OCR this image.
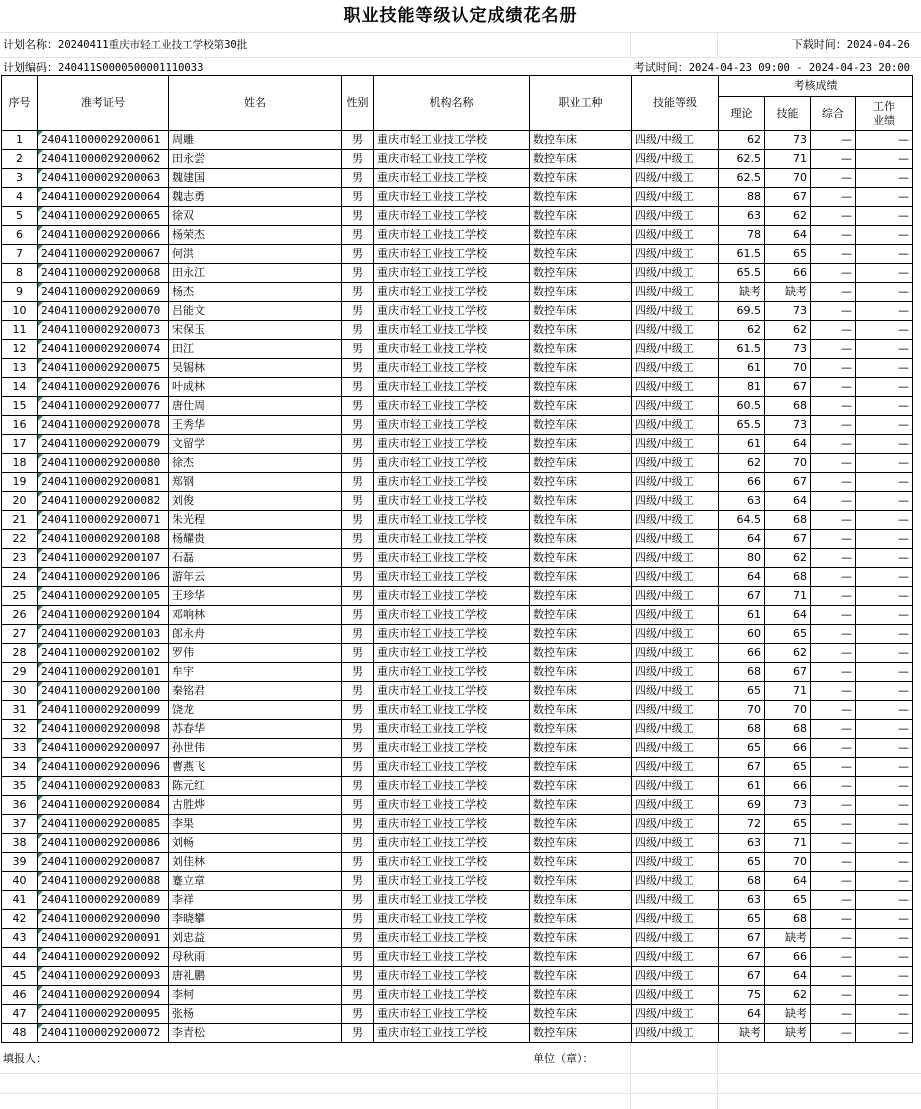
职业技能等级认定成绩花名册
计划名称：20240411重庆市轻工业技工学校第30批	下载时间：2024-04-26
计划编码：240411S0000500001110033	考试时间：2024-04-23 09:00 - 2024-04-23 20:00
序号	准考证号	姓名	性别	机构名称	职业工种	技能等级	考核成绩			
							理论	技能	综合	工作
业绩
1	240411000029200061	周雕	男	重庆市轻工业技工学校	数控车床	四级/中级工	62	73	—	—
2	240411000029200062	田永尝	男	重庆市轻工业技工学校	数控车床	四级/中级工	62.5	71	—	—
3	240411000029200063	魏建国	男	重庆市轻工业技工学校	数控车床	四级/中级工	62.5	70	—	—
4	240411000029200064	魏志勇	男	重庆市轻工业技工学校	数控车床	四级/中级工	88	67	—	—
5	240411000029200065	徐双	男	重庆市轻工业技工学校	数控车床	四级/中级工	63	62	—	—
6	240411000029200066	杨荣杰	男	重庆市轻工业技工学校	数控车床	四级/中级工	78	64	—	—
7	240411000029200067	何洪	男	重庆市轻工业技工学校	数控车床	四级/中级工	61.5	65	—	—
8	240411000029200068	田永江	男	重庆市轻工业技工学校	数控车床	四级/中级工	65.5	66	—	—
9	240411000029200069	杨杰	男	重庆市轻工业技工学校	数控车床	四级/中级工	缺考	缺考	—	—
10	240411000029200070	吕能文	男	重庆市轻工业技工学校	数控车床	四级/中级工	69.5	73	—	—
11	240411000029200073	宋保玉	男	重庆市轻工业技工学校	数控车床	四级/中级工	62	62	—	—
12	240411000029200074	田江	男	重庆市轻工业技工学校	数控车床	四级/中级工	61.5	73	—	—
13	240411000029200075	吴锡林	男	重庆市轻工业技工学校	数控车床	四级/中级工	61	70	—	—
14	240411000029200076	叶成林	男	重庆市轻工业技工学校	数控车床	四级/中级工	81	67	—	—
15	240411000029200077	唐仕周	男	重庆市轻工业技工学校	数控车床	四级/中级工	60.5	68	—	—
16	240411000029200078	王秀华	男	重庆市轻工业技工学校	数控车床	四级/中级工	65.5	73	—	—
17	240411000029200079	文留学	男	重庆市轻工业技工学校	数控车床	四级/中级工	61	64	—	—
18	240411000029200080	徐杰	男	重庆市轻工业技工学校	数控车床	四级/中级工	62	70	—	—
19	240411000029200081	郑钢	男	重庆市轻工业技工学校	数控车床	四级/中级工	66	67	—	—
20	240411000029200082	刘俊	男	重庆市轻工业技工学校	数控车床	四级/中级工	63	64	—	—
21	240411000029200071	朱光程	男	重庆市轻工业技工学校	数控车床	四级/中级工	64.5	68	—	—
22	240411000029200108	杨耀贵	男	重庆市轻工业技工学校	数控车床	四级/中级工	64	67	—	—
23	240411000029200107	石磊	男	重庆市轻工业技工学校	数控车床	四级/中级工	80	62	—	—
24	240411000029200106	游年云	男	重庆市轻工业技工学校	数控车床	四级/中级工	64	68	—	—
25	240411000029200105	王珍华	男	重庆市轻工业技工学校	数控车床	四级/中级工	67	71	—	—
26	240411000029200104	邓响林	男	重庆市轻工业技工学校	数控车床	四级/中级工	61	64	—	—
27	240411000029200103	郎永舟	男	重庆市轻工业技工学校	数控车床	四级/中级工	60	65	—	—
28	240411000029200102	罗伟	男	重庆市轻工业技工学校	数控车床	四级/中级工	66	62	—	—
29	240411000029200101	牟宇	男	重庆市轻工业技工学校	数控车床	四级/中级工	68	67	—	—
30	240411000029200100	秦铭君	男	重庆市轻工业技工学校	数控车床	四级/中级工	65	71	—	—
31	240411000029200099	饶龙	男	重庆市轻工业技工学校	数控车床	四级/中级工	70	70	—	—
32	240411000029200098	苏春华	男	重庆市轻工业技工学校	数控车床	四级/中级工	68	68	—	—
33	240411000029200097	孙世伟	男	重庆市轻工业技工学校	数控车床	四级/中级工	65	66	—	—
34	240411000029200096	曹燕飞	男	重庆市轻工业技工学校	数控车床	四级/中级工	67	65	—	—
35	240411000029200083	陈元红	男	重庆市轻工业技工学校	数控车床	四级/中级工	61	66	—	—
36	240411000029200084	古胜烨	男	重庆市轻工业技工学校	数控车床	四级/中级工	69	73	—	—
37	240411000029200085	李果	男	重庆市轻工业技工学校	数控车床	四级/中级工	72	65	—	—
38	240411000029200086	刘畅	男	重庆市轻工业技工学校	数控车床	四级/中级工	63	71	—	—
39	240411000029200087	刘佳林	男	重庆市轻工业技工学校	数控车床	四级/中级工	65	70	—	—
40	240411000029200088	蹇立章	男	重庆市轻工业技工学校	数控车床	四级/中级工	68	64	—	—
41	240411000029200089	李祥	男	重庆市轻工业技工学校	数控车床	四级/中级工	63	65	—	—
42	240411000029200090	李晓攀	男	重庆市轻工业技工学校	数控车床	四级/中级工	65	68	—	—
43	240411000029200091	刘忠益	男	重庆市轻工业技工学校	数控车床	四级/中级工	67	缺考	—	—
44	240411000029200092	母秋雨	男	重庆市轻工业技工学校	数控车床	四级/中级工	67	66	—	—
45	240411000029200093	唐礼鹏	男	重庆市轻工业技工学校	数控车床	四级/中级工	67	64	—	—
46	240411000029200094	李柯	男	重庆市轻工业技工学校	数控车床	四级/中级工	75	62	—	—
47	240411000029200095	张杨	男	重庆市轻工业技工学校	数控车床	四级/中级工	64	缺考	—	—
48	240411000029200072	李青松	男	重庆市轻工业技工学校	数控车床	四级/中级工	缺考	缺考	—	—
填报人：	单位（章）：
